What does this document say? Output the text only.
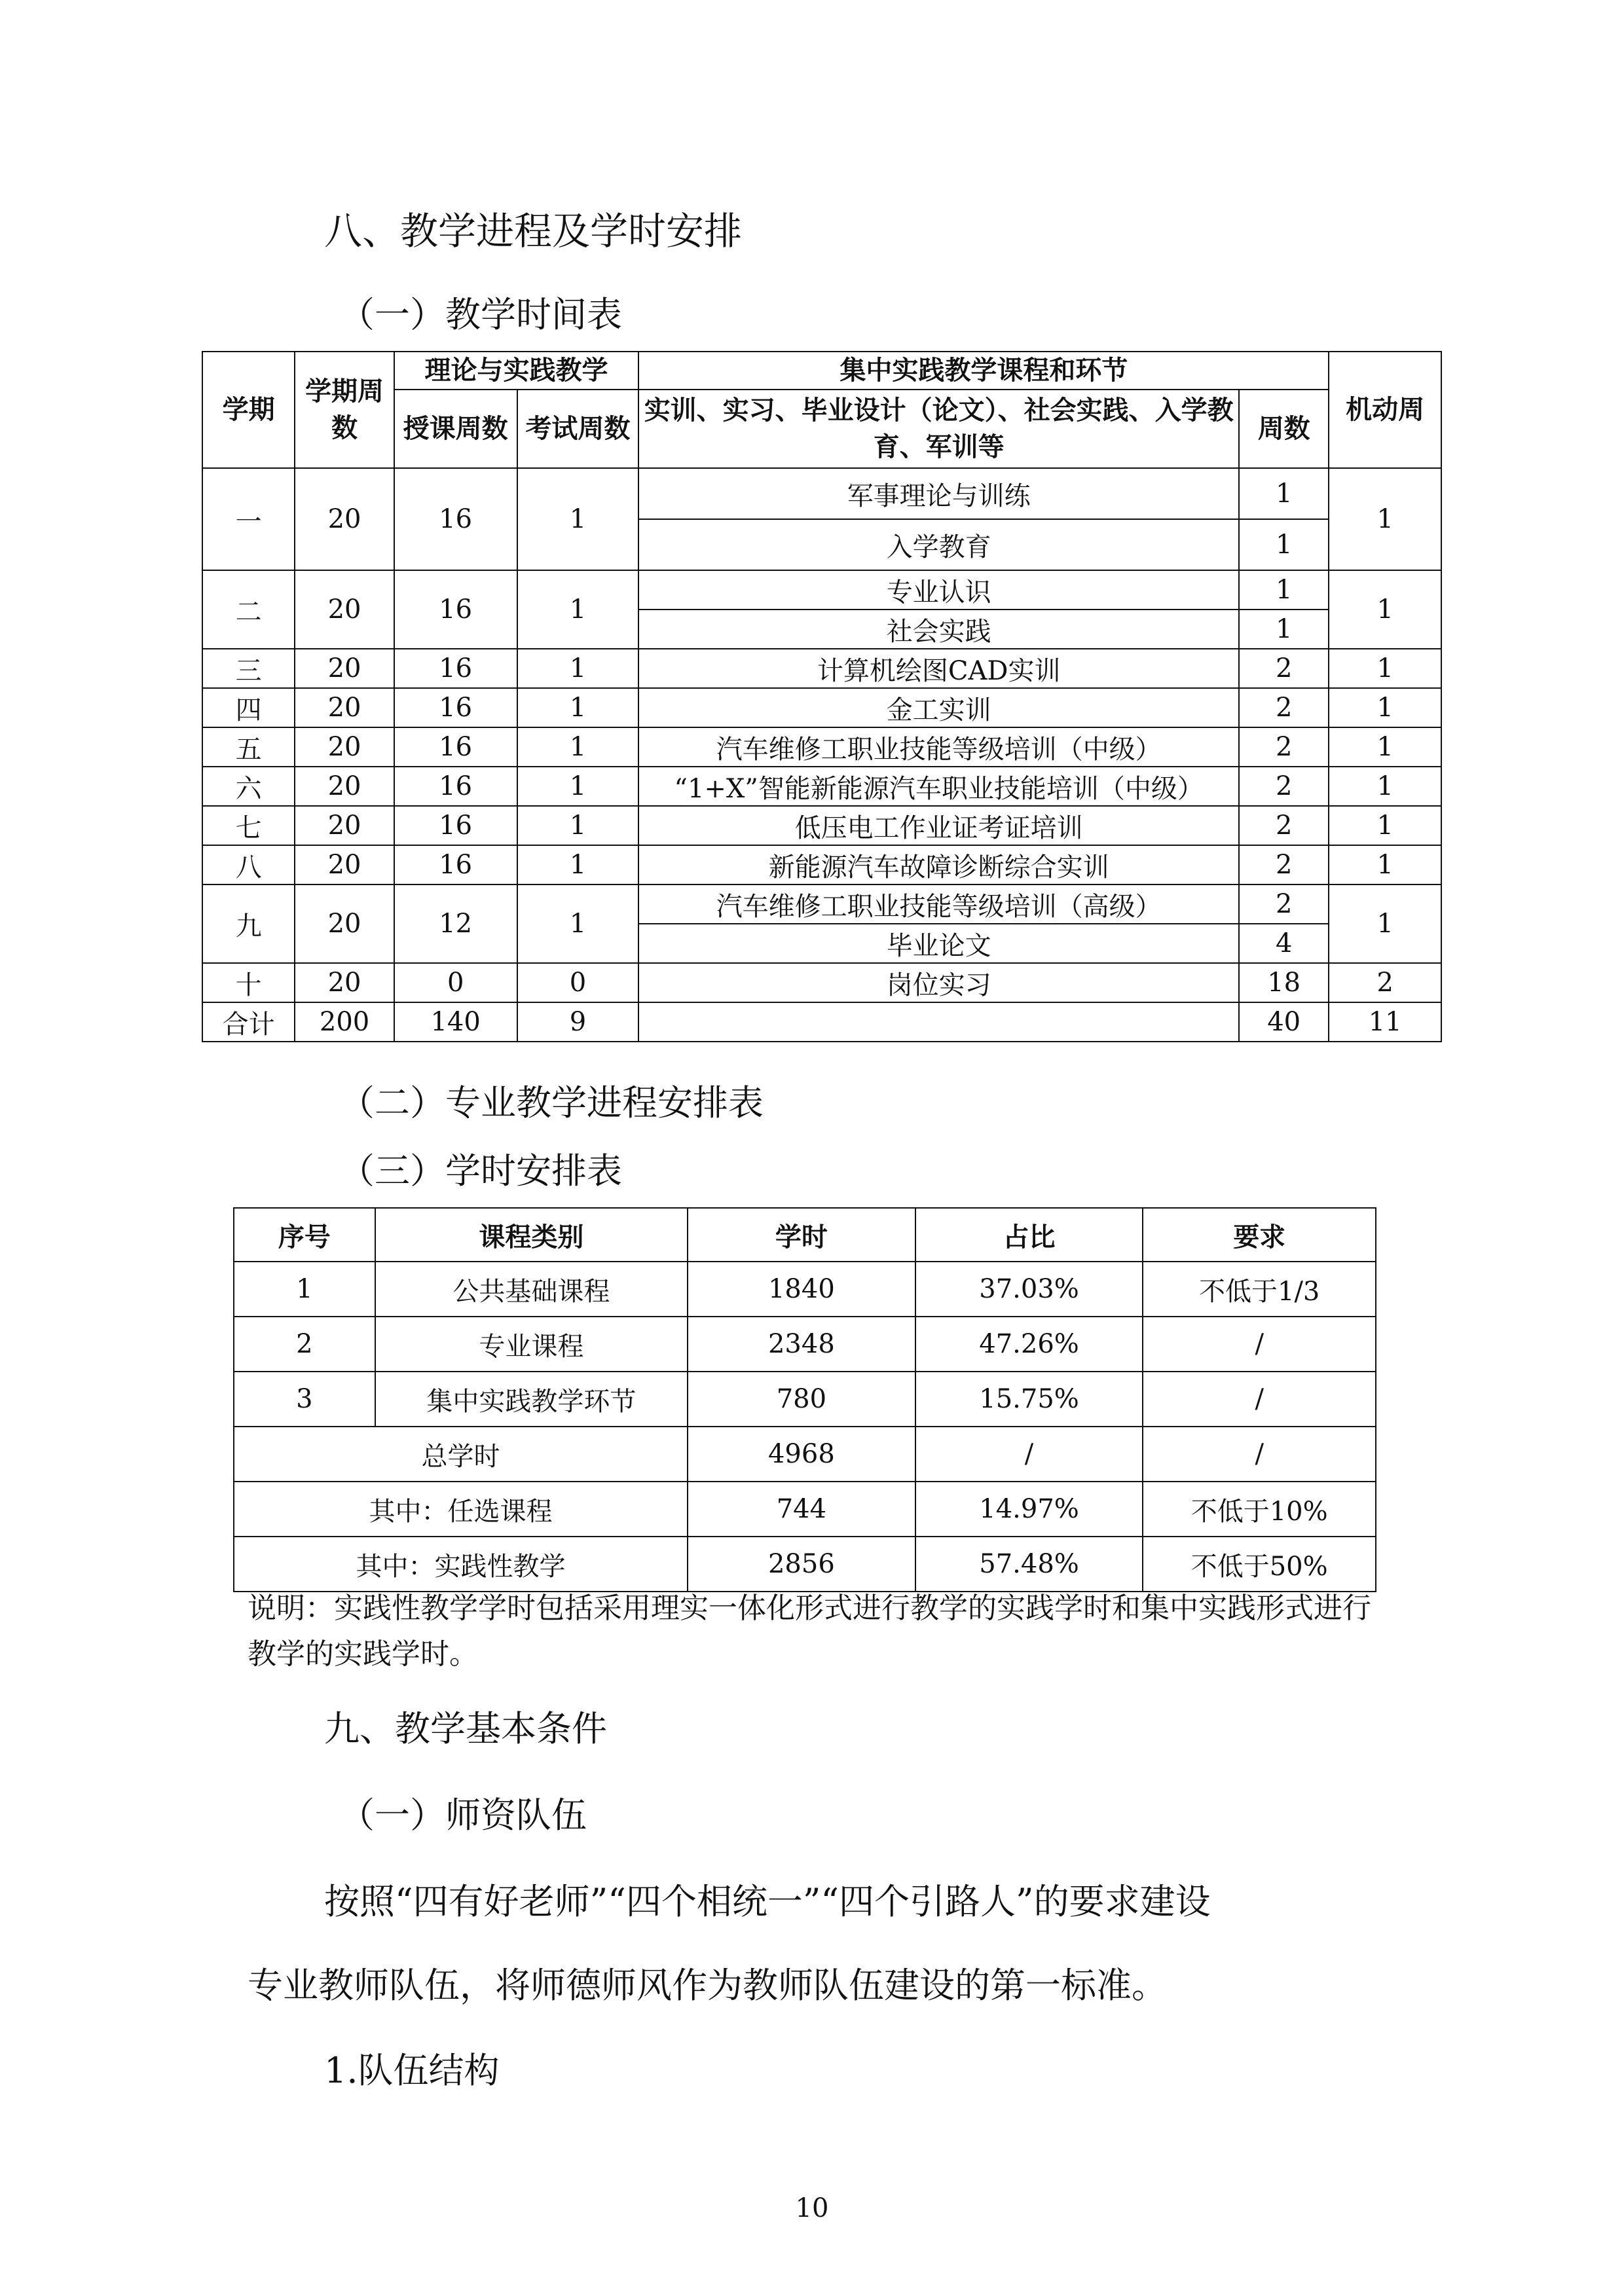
八、教学进程及学时安排
（一）教学时间表
学期	学期周数	理论与实践教学		集中实践教学课程和环节		机动周
		授课周数	考试周数	实训、实习、毕业设计（论文）、社会实践、入学教育、军训等	周数	
一	20	16	1	军事理论与训练	1	1
				入学教育	1	
二	20	16	1	专业认识	1	1
				社会实践	1	
三	20	16	1	计算机绘图CAD实训	2	1
四	20	16	1	金工实训	2	1
五	20	16	1	汽车维修工职业技能等级培训（中级）	2	1
六	20	16	1	“1+X”智能新能源汽车职业技能培训（中级）	2	1
七	20	16	1	低压电工作业证考证培训	2	1
八	20	16	1	新能源汽车故障诊断综合实训	2	1
九	20	12	1	汽车维修工职业技能等级培训（高级）	2	1
				毕业论文	4	
十	20	0	0	岗位实习	18	2
合计	200	140	9		40	11
（二）专业教学进程安排表
（三）学时安排表
序号	课程类别	学时	占比	要求
1	公共基础课程	1840	37.03%	不低于1/3
2	专业课程	2348	47.26%	/
3	集中实践教学环节	780	15.75%	/
总学时		4968	/	/
其中：任选课程		744	14.97%	不低于10%
其中：实践性教学		2856	57.48%	不低于50%
说明：实践性教学学时包括采用理实一体化形式进行教学的实践学时和集中实践形式进行教学的实践学时。
九、教学基本条件
（一）师资队伍
按照“四有好老师”“四个相统一”“四个引路人”的要求建设
专业教师队伍，将师德师风作为教师队伍建设的第一标准。
1.队伍结构
10
